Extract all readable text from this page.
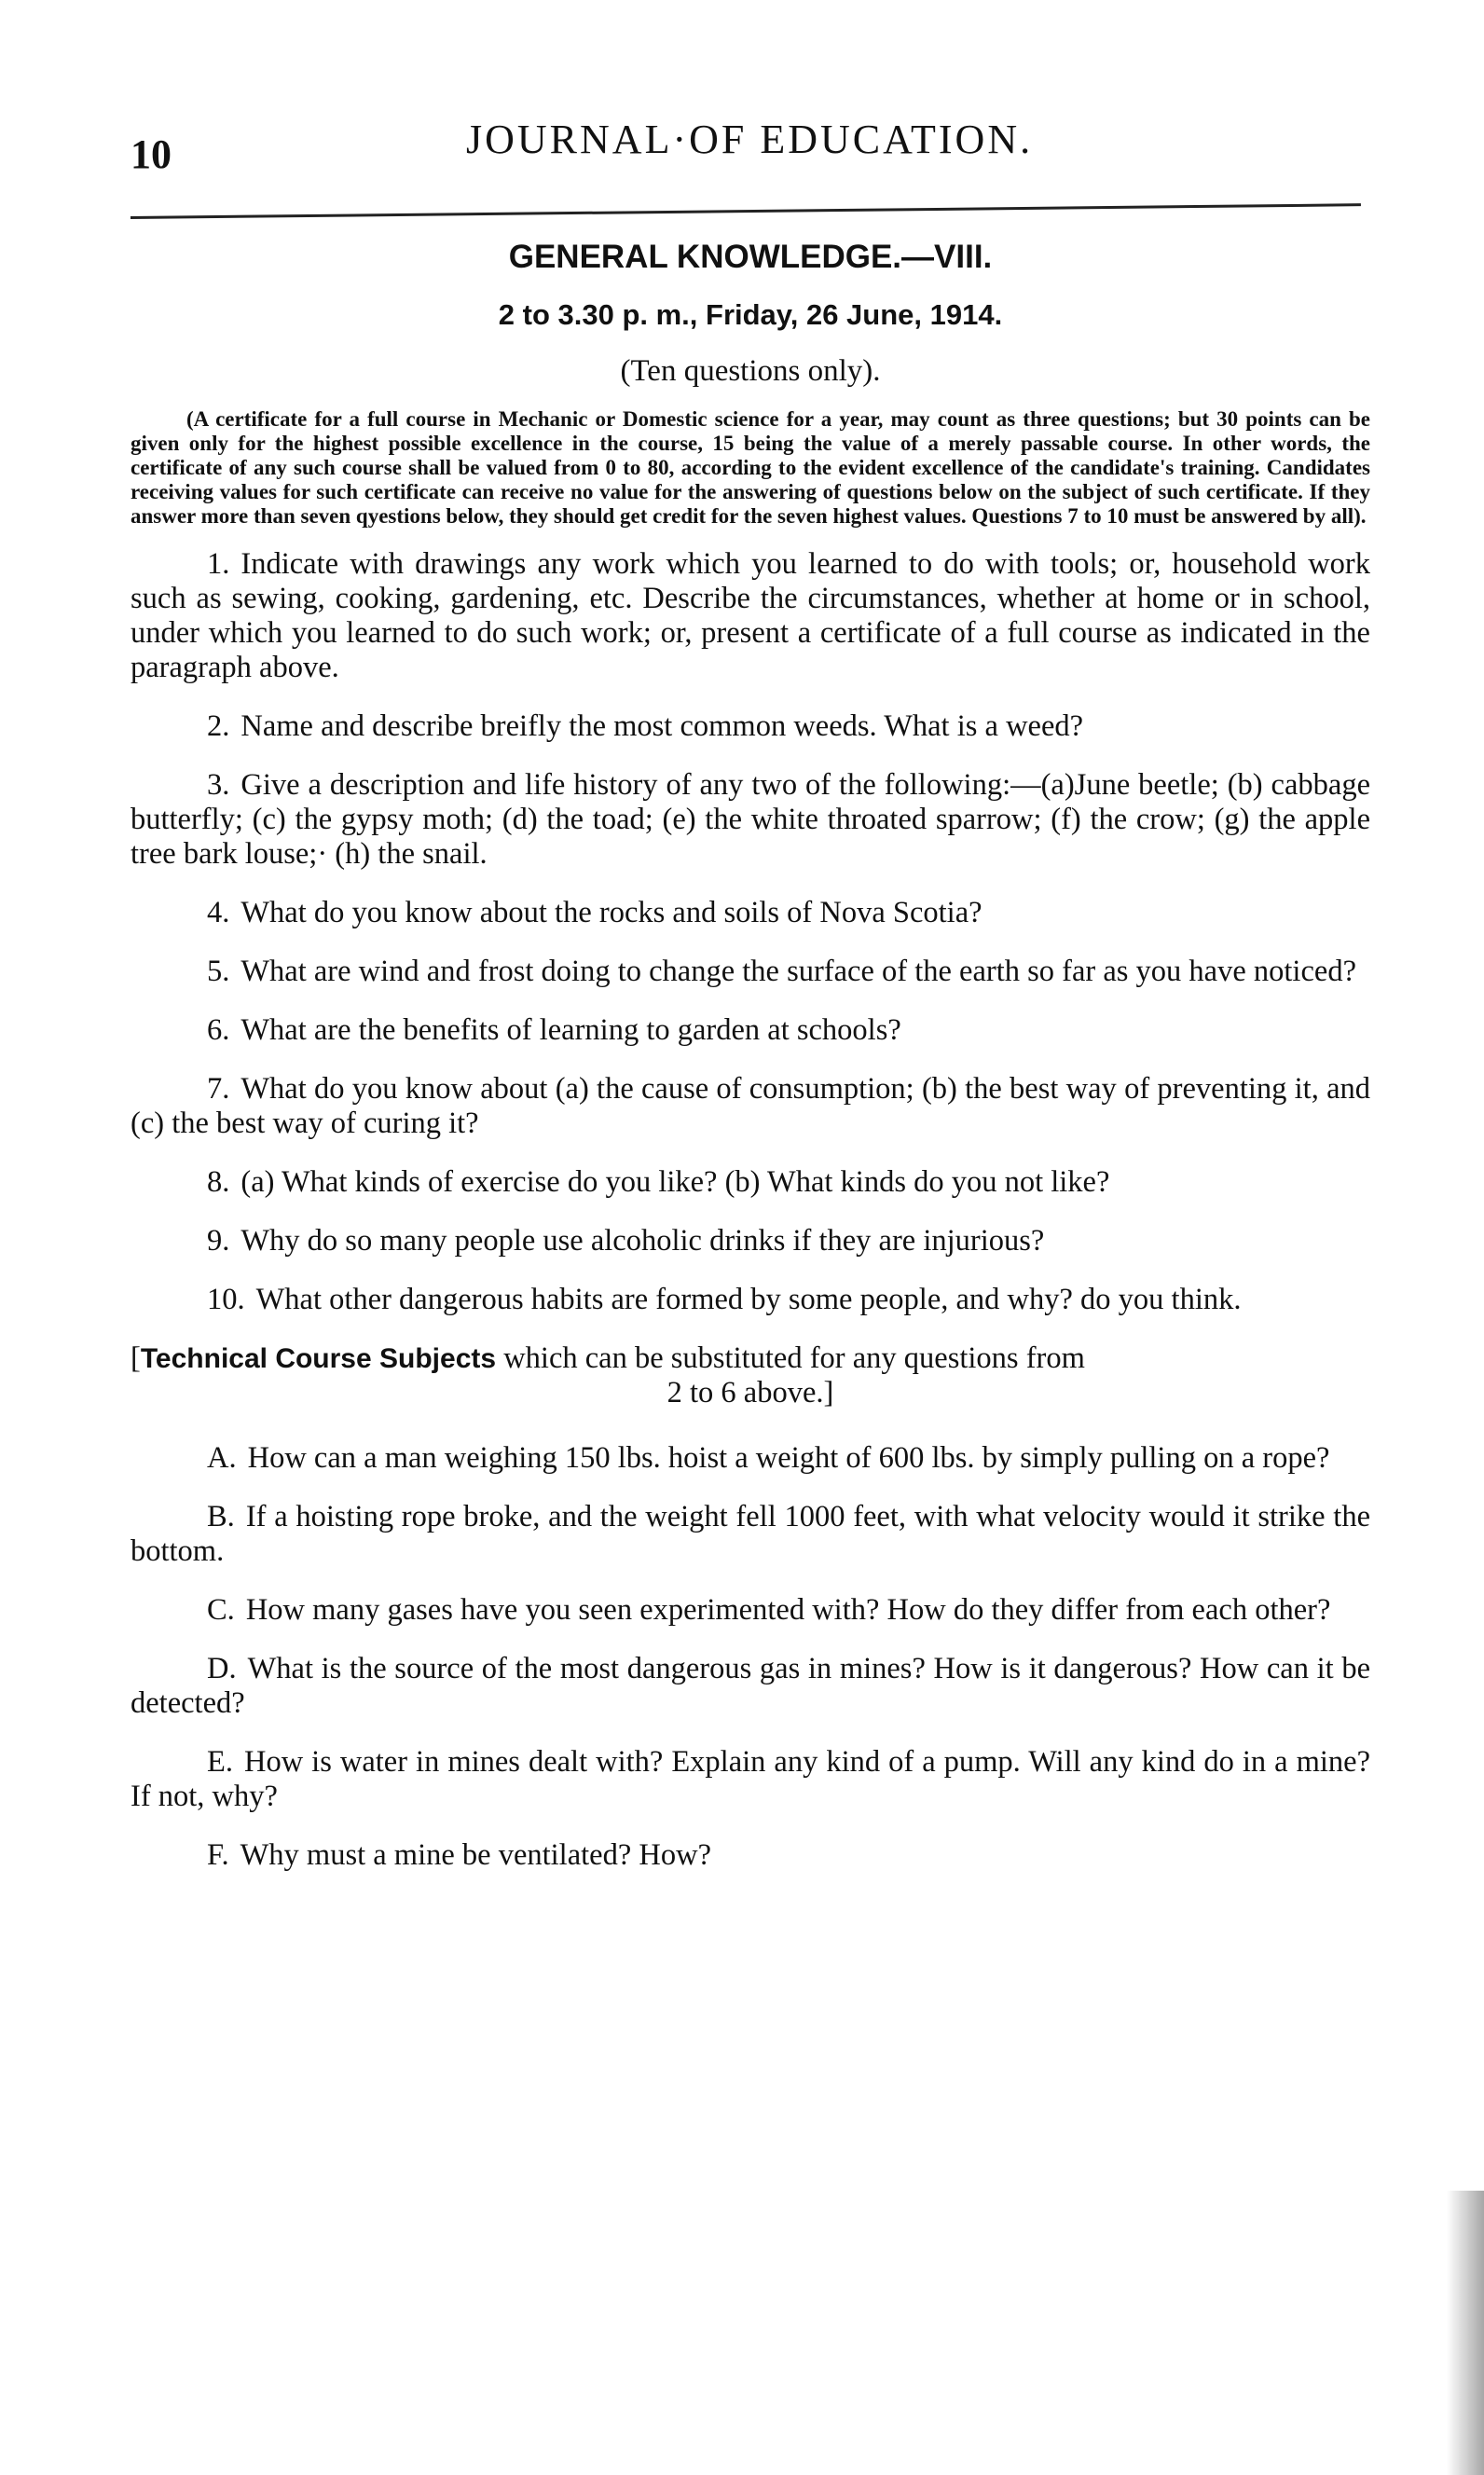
10	JOURNAL·OF EDUCATION.
GENERAL KNOWLEDGE.—VIII.
2 to 3.30 p. m., Friday, 26 June, 1914.
(Ten questions only).
(A certificate for a full course in Mechanic or Domestic science for a year, may count as three questions; but 30 points can be given only for the highest possible excellence in the course, 15 being the value of a merely passable course. In other words, the certificate of any such course shall be valued from 0 to 80, according to the evident excellence of the candidate's training. Candidates receiving values for such certificate can receive no value for the answering of questions below on the subject of such certificate. If they answer more than seven qyestions below, they should get credit for the seven highest values. Questions 7 to 10 must be answered by all).

1. Indicate with drawings any work which you learned to do with tools; or, household work such as sewing, cooking, gardening, etc. Describe the circumstances, whether at home or in school, under which you learned to do such work; or, present a certificate of a full course as indicated in the paragraph above.

2. Name and describe breifly the most common weeds. What is a weed?

3. Give a description and life history of any two of the following:—(a)June beetle; (b) cabbage butterfly; (c) the gypsy moth; (d) the toad; (e) the white throated sparrow; (f) the crow; (g) the apple tree bark louse;· (h) the snail.

4. What do you know about the rocks and soils of Nova Scotia?

5. What are wind and frost doing to change the surface of the earth so far as you have noticed?

6. What are the benefits of learning to garden at schools?

7. What do you know about (a) the cause of consumption; (b) the best way of preventing it, and (c) the best way of curing it?

8. (a) What kinds of exercise do you like? (b) What kinds do you not like?

9. Why do so many people use alcoholic drinks if they are injurious?

10. What other dangerous habits are formed by some people, and why? do you think.

[Technical Course Subjects which can be substituted for any questions from
2 to 6 above.]

A. How can a man weighing 150 lbs. hoist a weight of 600 lbs. by simply pulling on a rope?

B. If a hoisting rope broke, and the weight fell 1000 feet, with what velocity would it strike the bottom.

C. How many gases have you seen experimented with? How do they differ from each other?

D. What is the source of the most dangerous gas in mines? How is it dangerous? How can it be detected?

E. How is water in mines dealt with? Explain any kind of a pump. Will any kind do in a mine? If not, why?

F. Why must a mine be ventilated? How?
